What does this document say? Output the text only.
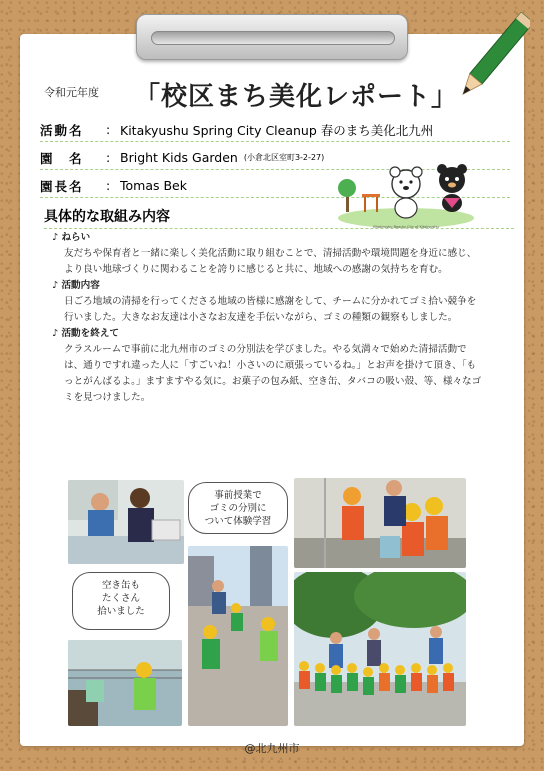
令和元年度	「校区まち美化レポート」
活動名	: Kitakyushu Spring City Cleanup 春のまち美化北九州
園　名	: Bright Kids Garden (小倉北区室町3-2-27)
園長名	: Tomas Bek
Kitakyushu Beauty City of Kitakyushu
具体的な取組み内容
♪ ねらい

友だちや保育者と一緒に楽しく美化活動に取り組むことで、清掃活動や環境問題を身近に感じ、より良い地球づくりに関わることを誇りに感じると共に、地域への感謝の気持ちを育む。

♪ 活動内容

日ごろ地域の清掃を行ってくださる地域の皆様に感謝をして、チームに分かれてゴミ拾い競争を行いました。大きなお友達は小さなお友達を手伝いながら、ゴミの種類の観察もしました。

♪ 活動を終えて

クラスルームで事前に北九州市のゴミの分別法を学びました。やる気満々で始めた清掃活動では、通りですれ違った人に「すごいね！小さいのに頑張っているね。」とお声を掛けて頂き、「もっとがんばるよ。」ますますやる気に。お菓子の包み紙、空き缶、タバコの吸い殻、等、様々なゴミを見つけました。

事前授業で
ゴミの分別に
ついて体験学習
空き缶も
たくさん
拾いました
@北九州市
